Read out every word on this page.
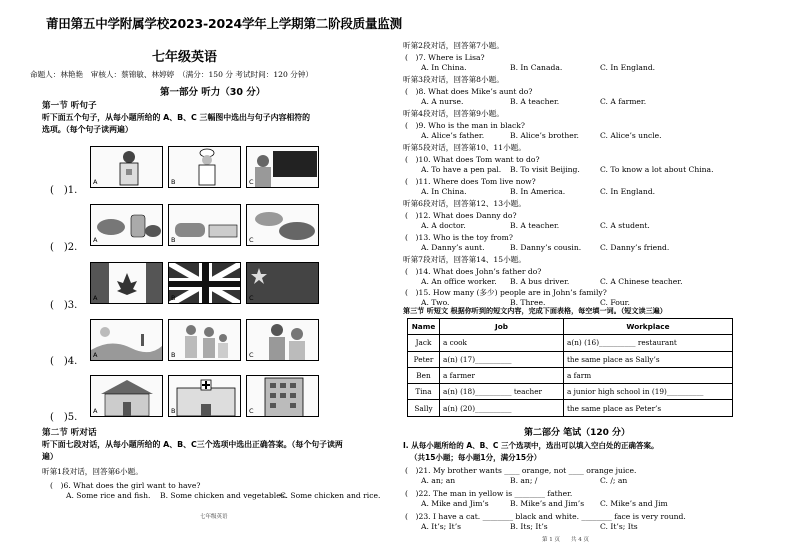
莆田第五中学附属学校2023-2024学年上学期第二阶段质量监测
七年级英语
命题人：林艳艳　审核人：蔡锦敏、林婷婷　（满分：150 分 考试时间：120 分钟）
第一部分 听力（30 分）
第一节 听句子
听下面五个句子，从每小题所给的 A、B、C 三幅图中选出与句子内容相符的
选项。（每个句子读两遍）
(　)1.
A	B	C
(　)2.
A	B	C
(　)3.
A	B	C
(　)4.
A	B	C
(　)5.
A	B	C
第二节 听对话
听下面七段对话，从每小题所给的 A、B、C三个选项中选出正确答案。（每个句子读两
遍）
听第1段对话，回答第6小题。
(　)6. What does the girl want to have?
A. Some rice and fish. B. Some chicken and vegetables.
C. Some chicken and rice.
七年级英语
听第2段对话，回答第7小题。
(　)7. Where is Lisa?
A. In China.	B. In Canada.	C. In England.
听第3段对话，回答第8小题。
(　)8. What does Mike’s aunt do?
A. A nurse.	B. A teacher.	C. A farmer.
听第4段对话，回答第9小题。
(　)9. Who is the man in black?
A. Alice’s father.	B. Alice’s brother.	C. Alice’s uncle.
听第5段对话，回答第10、11小题。
(　)10. What does Tom want to do?
A. To have a pen pal. B. To visit Beijing.	C. To know a lot about China.
(　)11. Where does Tom live now?
A. In China.	B. In America.	C. In England.
听第6段对话，回答第12、13小题。
(　)12. What does Danny do?
A. A doctor.	B. A teacher.	C. A student.
(　)13. Who is the toy from?
A. Danny’s aunt.	B. Danny’s cousin. C. Danny’s friend.
听第7段对话，回答第14、15小题。
(　)14. What does John’s father do?
A. An office worker. B. A bus driver.	C. A Chinese teacher.
(　)15. How many (多少) people are in John’s family?
A. Two.	B. Three.	C. Four.
Name	Job	Workplace
Jack	a cook	a(n) (16)__________ restaurant
Peter	a(n) (17)__________	the same place as Sally’s
Ben	a farmer	a farm
Tina	a(n) (18)__________ teacher	a junior high school in (19)__________
Sally	a(n) (20)__________	the same place as Peter’s
第三节 听短文 根据你听到的短文内容，完成下面表格，每空填一词。（短文读三遍）
第二部分 笔试（120 分）
I. 从每小题所给的 A、B、C 三个选项中，选出可以填入空白处的正确答案。
（共15小题；每小题1分，满分15分）
(　)21. My brother wants ____ orange, not ____ orange juice.
A. an; an	B. an; /	C. /; an
(　)22. The man in yellow is ________ father.
A. Mike and Jim’s	B. Mike’s and Jim’s C. Mike’s and Jim
(　)23. I have a cat. ________ black and white. ________ face is very round.
A. It’s; It’s	B. Its; It’s	C. It’s; Its
第 1 页　　共 4 页
